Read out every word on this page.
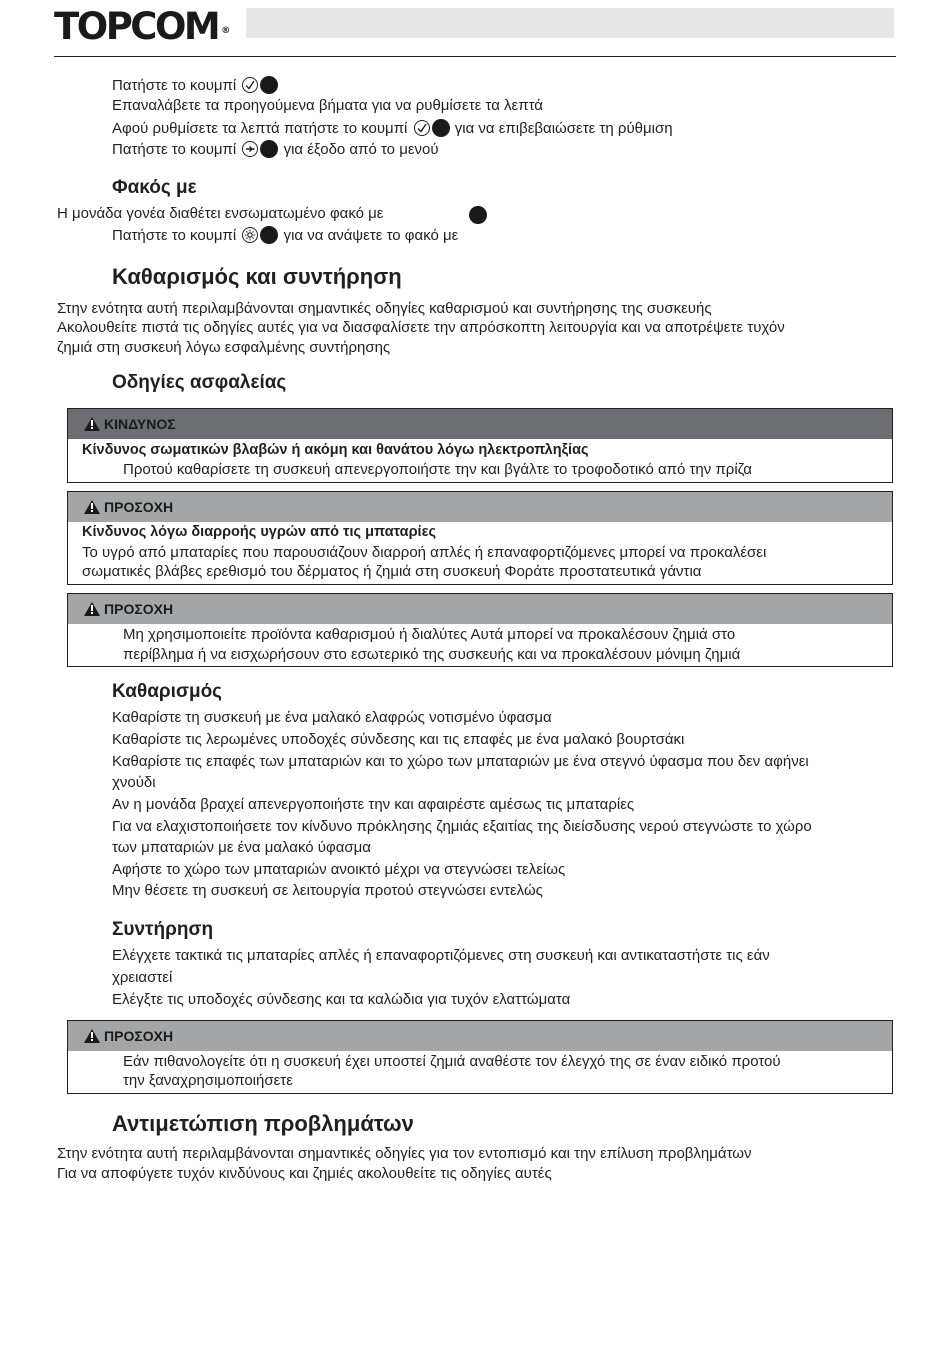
TOPCOM ®
Πατήστε το κουμπί
Επαναλάβετε τα προηγούμενα βήματα για να ρυθμίσετε τα λεπτά
Αφού ρυθμίσετε τα λεπτά πατήστε το κουμπί	για να επιβεβαιώσετε τη ρύθμιση
Πατήστε το κουμπί	για έξοδο από το μενού
Φακός με
Η μονάδα γονέα διαθέτει ενσωματωμένο φακό με
Πατήστε το κουμπί	για να ανάψετε το φακό με
Καθαρισμός και συντήρηση
Στην ενότητα αυτή περιλαμβάνονται σημαντικές οδηγίες καθαρισμού και συντήρησης της συσκευής
Ακολουθείτε πιστά τις οδηγίες αυτές για να διασφαλίσετε την απρόσκοπτη λειτουργία και να αποτρέψετε τυχόν
ζημιά στη συσκευή λόγω εσφαλμένης συντήρησης
Οδηγίες ασφαλείας
ΚΙΝΔΥΝΟΣ
Κίνδυνος σωματικών βλαβών ή ακόμη και θανάτου λόγω ηλεκτροπληξίας
Προτού καθαρίσετε τη συσκευή απενεργοποιήστε την και βγάλτε το τροφοδοτικό από την πρίζα
ΠΡΟΣΟΧΗ
Κίνδυνος λόγω διαρροής υγρών από τις μπαταρίες
Το υγρό από μπαταρίες που παρουσιάζουν διαρροή απλές ή επαναφορτιζόμενες μπορεί να προκαλέσει
σωματικές βλάβες ερεθισμό του δέρματος ή ζημιά στη συσκευή Φοράτε προστατευτικά γάντια
ΠΡΟΣΟΧΗ
Μη χρησιμοποιείτε προϊόντα καθαρισμού ή διαλύτες Αυτά μπορεί να προκαλέσουν ζημιά στο
περίβλημα ή να εισχωρήσουν στο εσωτερικό της συσκευής και να προκαλέσουν μόνιμη ζημιά
Καθαρισμός
Καθαρίστε τη συσκευή με ένα μαλακό ελαφρώς νοτισμένο ύφασμα
Καθαρίστε τις λερωμένες υποδοχές σύνδεσης και τις επαφές με ένα μαλακό βουρτσάκι
Καθαρίστε τις επαφές των μπαταριών και το χώρο των μπαταριών με ένα στεγνό ύφασμα που δεν αφήνει
χνούδι
Αν η μονάδα βραχεί απενεργοποιήστε την και αφαιρέστε αμέσως τις μπαταρίες
Για να ελαχιστοποιήσετε τον κίνδυνο πρόκλησης ζημιάς εξαιτίας της διείσδυσης νερού στεγνώστε το χώρο
των μπαταριών με ένα μαλακό ύφασμα
Αφήστε το χώρο των μπαταριών ανοικτό μέχρι να στεγνώσει τελείως
Μην θέσετε τη συσκευή σε λειτουργία προτού στεγνώσει εντελώς
Συντήρηση
Ελέγχετε τακτικά τις μπαταρίες απλές ή επαναφορτιζόμενες στη συσκευή και αντικαταστήστε τις εάν
χρειαστεί
Ελέγξτε τις υποδοχές σύνδεσης και τα καλώδια για τυχόν ελαττώματα
ΠΡΟΣΟΧΗ
Εάν πιθανολογείτε ότι η συσκευή έχει υποστεί ζημιά αναθέστε τον έλεγχό της σε έναν ειδικό προτού
την ξαναχρησιμοποιήσετε
Αντιμετώπιση προβλημάτων
Στην ενότητα αυτή περιλαμβάνονται σημαντικές οδηγίες για τον εντοπισμό και την επίλυση προβλημάτων
Για να αποφύγετε τυχόν κινδύνους και ζημιές ακολουθείτε τις οδηγίες αυτές
